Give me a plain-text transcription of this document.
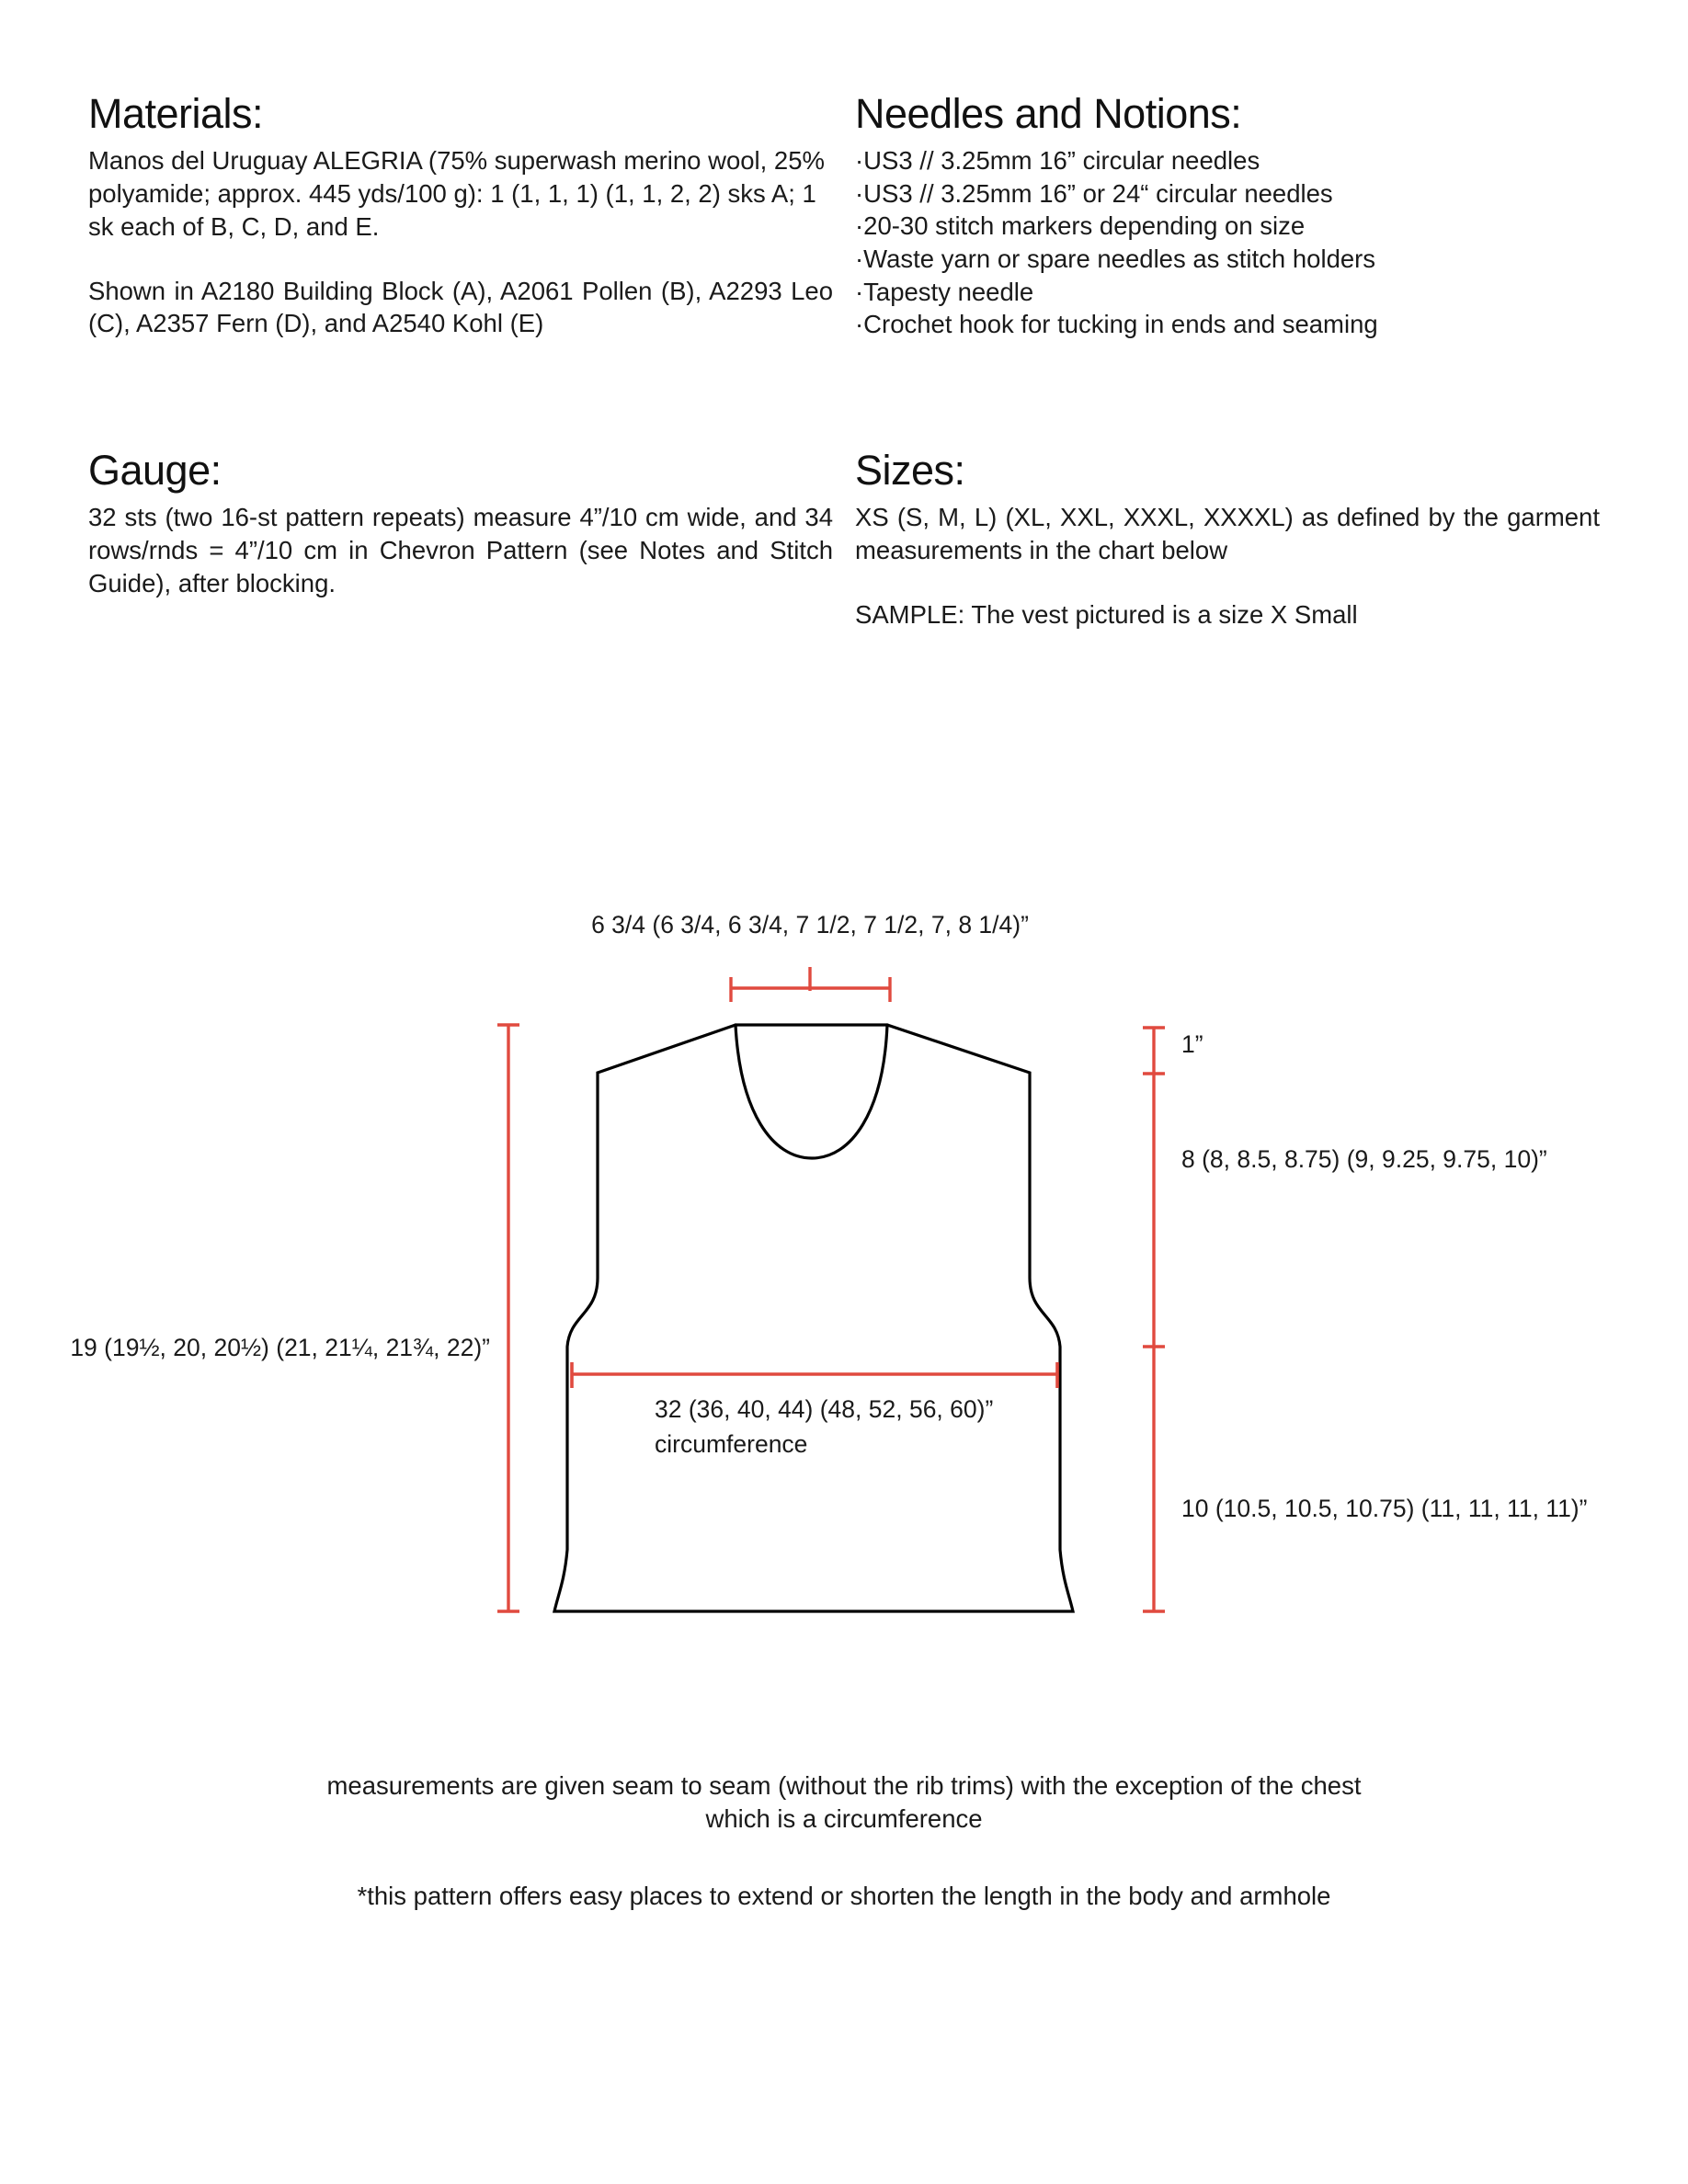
Materials:

Manos del Uruguay ALEGRIA (75% superwash merino wool, 25% polyamide; approx. 445 yds/100 g): 1 (1, 1, 1) (1, 1, 2, 2) sks A; 1 sk each of B, C, D, and E.

Shown in A2180 Building Block (A), A2061 Pollen (B), A2293 Leo (C), A2357 Fern (D), and A2540 Kohl (E)

Needles and Notions:
·US3 // 3.25mm 16” circular needles
·US3 // 3.25mm 16” or 24“ circular needles
·20-30 stitch markers depending on size
·Waste yarn or spare needles as stitch holders
·Tapesty needle
·Crochet hook for tucking in ends and seaming
Gauge:

32 sts (two 16-st pattern repeats) measure 4”/10 cm wide, and 34 rows/rnds = 4”/10 cm in Chevron Pattern (see Notes and Stitch Guide), after blocking.

Sizes:

XS (S, M, L) (XL, XXL, XXXL, XXXXL) as defined by the garment measurements in the chart below

SAMPLE: The vest pictured is a size X Small

6 3/4 (6 3/4, 6 3/4, 7 1/2, 7 1/2, 7, 8 1/4)”
1”
8 (8, 8.5, 8.75) (9, 9.25, 9.75, 10)”
10 (10.5, 10.5, 10.75) (11, 11, 11, 11)”
19 (19½, 20, 20½) (21, 21¼, 21¾, 22)”
32 (36, 40, 44) (48, 52, 56, 60)”
circumference

measurements are given seam to seam (without the rib trims) with the exception of the chest

which is a circumference

*this pattern offers easy places to extend or shorten the length in the body and armhole
